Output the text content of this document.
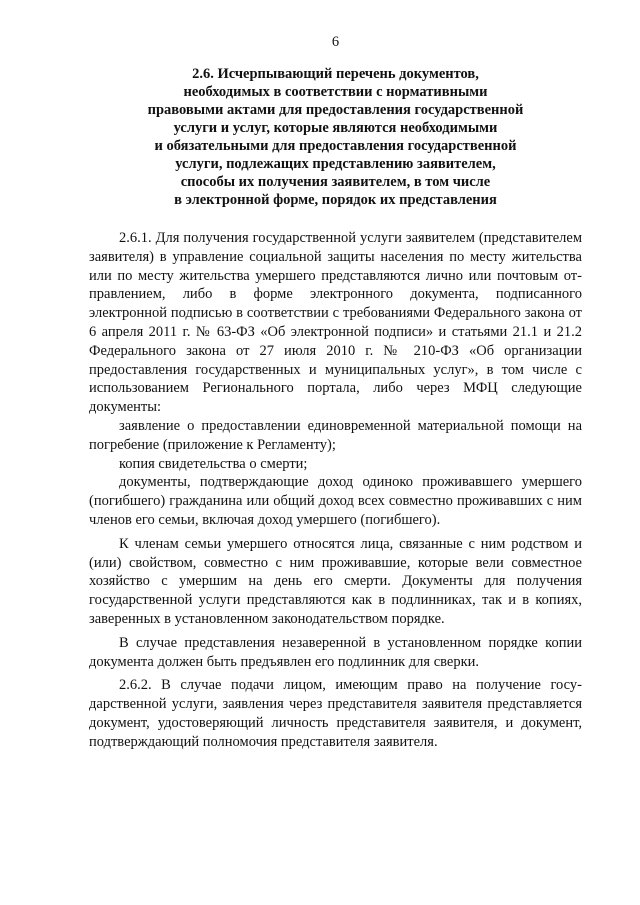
6
2.6. Исчерпывающий перечень документов,
необходимых в соответствии с нормативными
правовыми актами для предоставления государственной
услуги и услуг, которые являются необходимыми
и обязательными для предоставления государственной
услуги, подлежащих представлению заявителем,
способы их получения заявителем, в том числе
в электронной форме, порядок их представления

2.6.1. Для получения государственной услуги заявителем (представителем заявителя) в управление социальной защиты населения по месту жительства или по месту жительства умершего представляются лично или почтовым отправлением, либо в форме электронного документа, подписанного электронной подписью в соответствии с требованиями Федерального закона от 6 апреля 2011 г. № 63-ФЗ «Об электронной подписи» и статьями 21.1 и 21.2 Федерального закона от 27 июля 2010 г. № 210-ФЗ «Об организации предоставления государственных и муниципальных услуг», в том числе с использованием Регионального портала, либо через МФЦ следующие документы:

заявление о предоставлении единовременной материальной помощи на погребение (приложение к Регламенту);

копия свидетельства о смерти;

документы, подтверждающие доход одиноко проживавшего умершего (погибшего) гражданина или общий доход всех совместно проживавших с ним членов его семьи, включая доход умершего (погибшего).

К членам семьи умершего относятся лица, связанные с ним родством и (или) свойством, совместно с ним проживавшие, которые вели совместное хозяйство с умершим на день его смерти. Документы для получения государственной услуги представляются как в подлинниках, так и в копиях, заверенных в установленном законодательством порядке.

В случае представления незаверенной в установленном порядке копии документа должен быть предъявлен его подлинник для сверки.

2.6.2. В случае подачи лицом, имеющим право на получение государственной услуги, заявления через представителя заявителя представляется документ, удостоверяющий личность представителя заявителя, и документ, подтверждающий полномочия представителя заявителя.
